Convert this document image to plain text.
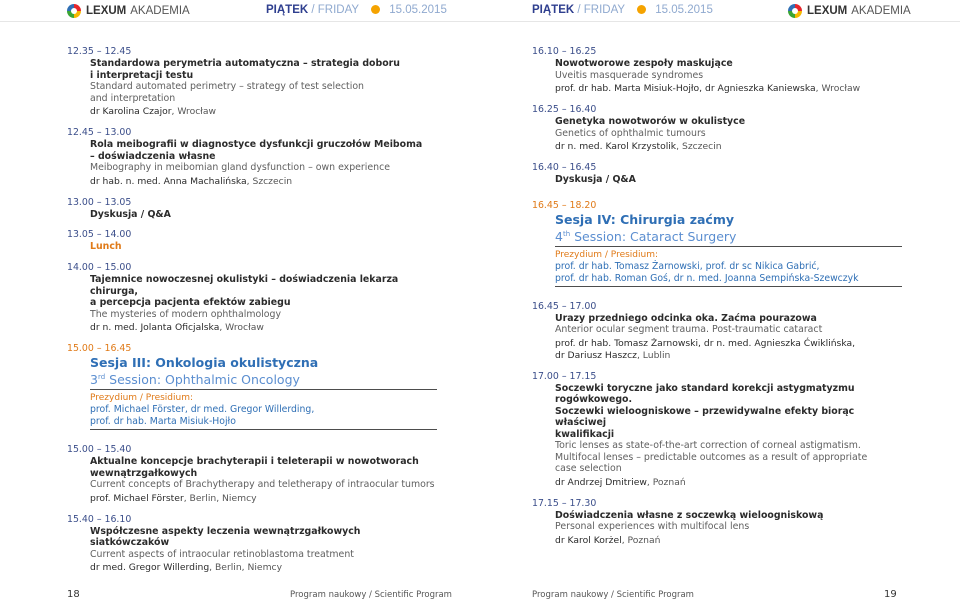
LEXUM AKADEMIA	PIĄTEK / FRIDAY	15.05.2015	PIĄTEK / FRIDAY	15.05.2015	LEXUM AKADEMIA
12.35 – 12.45
Standardowa perymetria automatyczna – strategia doboru
i interpretacji testu
Standard automated perimetry – strategy of test selection
and interpretation
dr Karolina Czajor, Wrocław
12.45 – 13.00
Rola meibografii w diagnostyce dysfunkcji gruczołów Meiboma
– doświadczenia własne
Meibography in meibomian gland dysfunction – own experience
dr hab. n. med. Anna Machalińska, Szczecin
13.00 – 13.05
Dyskusja / Q&A
13.05 – 14.00
Lunch
14.00 – 15.00
Tajemnice nowoczesnej okulistyki – doświadczenia lekarza chirurga,
a percepcja pacjenta efektów zabiegu
The mysteries of modern ophthalmology
dr n. med. Jolanta Oficjalska, Wrocław
15.00 – 16.45
Sesja III: Onkologia okulistyczna
3rd Session: Ophthalmic Oncology
Prezydium / Presidium:
prof. Michael Förster, dr med. Gregor Willerding,
prof. dr hab. Marta Misiuk-Hojło
15.00 – 15.40
Aktualne koncepcje brachyterapii i teleterapii w nowotworach
wewnątrzgałkowych
Current concepts of Brachytherapy and teletherapy of intraocular tumors
prof. Michael Förster, Berlin, Niemcy
15.40 – 16.10
Współczesne aspekty leczenia wewnątrzgałkowych siatkówczaków
Current aspects of intraocular retinoblastoma treatment
dr med. Gregor Willerding, Berlin, Niemcy
16.10 – 16.25
Nowotworowe zespoły maskujące
Uveitis masquerade syndromes
prof. dr hab. Marta Misiuk-Hojło, dr Agnieszka Kaniewska, Wrocław
16.25 – 16.40
Genetyka nowotworów w okulistyce
Genetics of ophthalmic tumours
dr n. med. Karol Krzystolik, Szczecin
16.40 – 16.45
Dyskusja / Q&A
16.45 – 18.20
Sesja IV: Chirurgia zaćmy
4th Session: Cataract Surgery
Prezydium / Presidium:
prof. dr hab. Tomasz Żarnowski, prof. dr sc Nikica Gabrić,
prof. dr hab. Roman Goś, dr n. med. Joanna Sempińska-Szewczyk
16.45 – 17.00
Urazy przedniego odcinka oka. Zaćma pourazowa
Anterior ocular segment trauma. Post-traumatic cataract
prof. dr hab. Tomasz Żarnowski, dr n. med. Agnieszka Ćwiklińska,
dr Dariusz Haszcz, Lublin
17.00 – 17.15
Soczewki toryczne jako standard korekcji astygmatyzmu rogówkowego.
Soczewki wieloogniskowe – przewidywalne efekty biorąc właściwej
kwalifikacji
Toric lenses as state-of-the-art correction of corneal astigmatism.
Multifocal lenses – predictable outcomes as a result of appropriate
case selection
dr Andrzej Dmitriew, Poznań
17.15 – 17.30
Doświadczenia własne z soczewką wieloogniskową
Personal experiences with multifocal lens
dr Karol Korżel, Poznań
18	Program naukowy / Scientific Program	Program naukowy / Scientific Program	19
